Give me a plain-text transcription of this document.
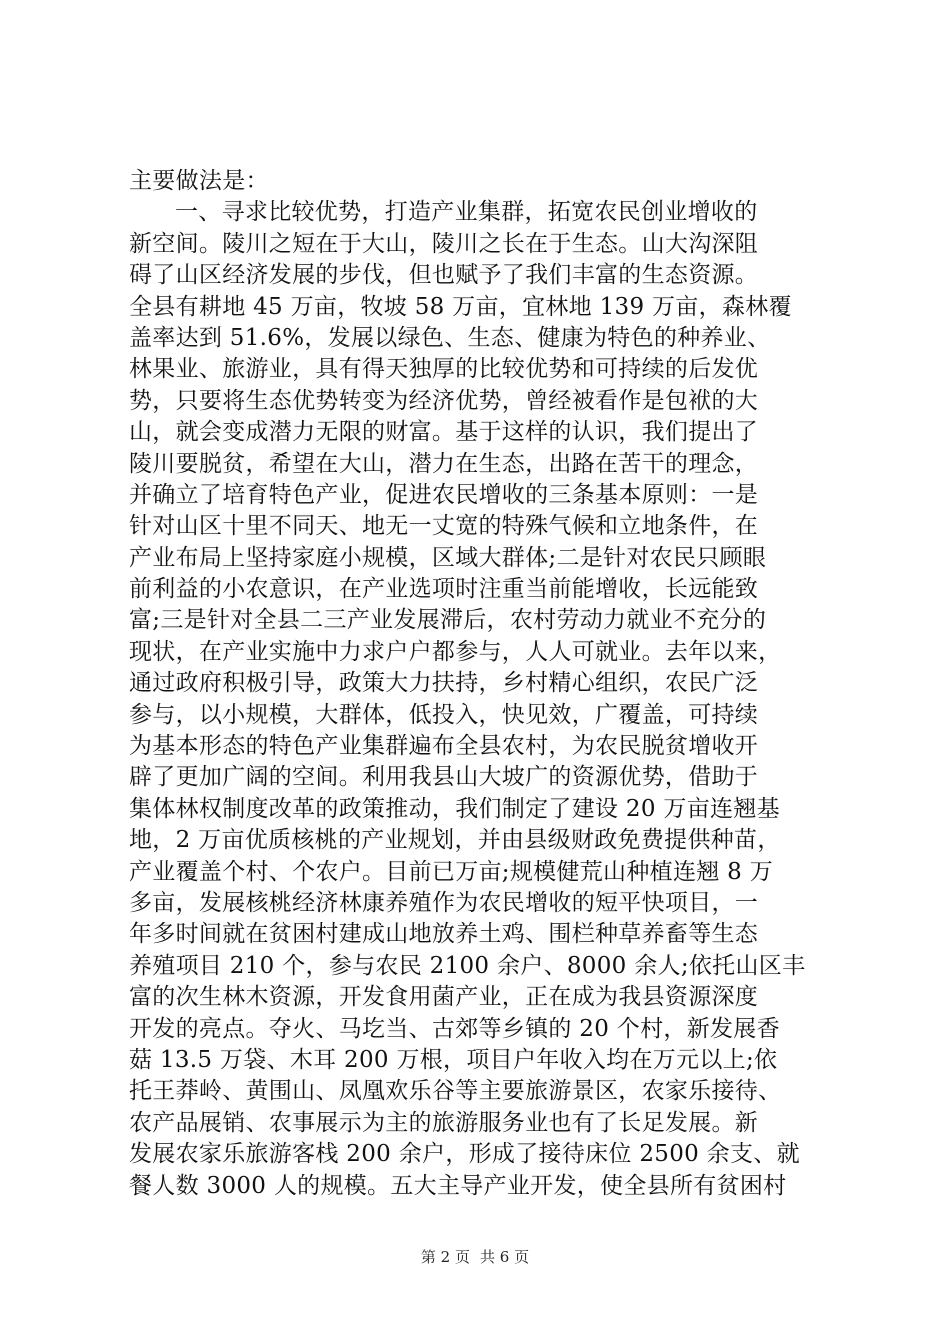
主要做法是：
一、寻求比较优势，打造产业集群，拓宽农民创业增收的
新空间。陵川之短在于大山，陵川之长在于生态。山大沟深阻
碍了山区经济发展的步伐，但也赋予了我们丰富的生态资源。
全县有耕地 45 万亩，牧坡 58 万亩，宜林地 139 万亩，森林覆
盖率达到 51.6%，发展以绿色、生态、健康为特色的种养业、
林果业、旅游业，具有得天独厚的比较优势和可持续的后发优
势，只要将生态优势转变为经济优势，曾经被看作是包袱的大
山，就会变成潜力无限的财富。基于这样的认识，我们提出了
陵川要脱贫，希望在大山，潜力在生态，出路在苦干的理念，
并确立了培育特色产业，促进农民增收的三条基本原则：一是
针对山区十里不同天、地无一丈宽的特殊气候和立地条件，在
产业布局上坚持家庭小规模，区域大群体;二是针对农民只顾眼
前利益的小农意识，在产业选项时注重当前能增收，长远能致
富;三是针对全县二三产业发展滞后，农村劳动力就业不充分的
现状，在产业实施中力求户户都参与，人人可就业。去年以来，
通过政府积极引导，政策大力扶持，乡村精心组织，农民广泛
参与，以小规模，大群体，低投入，快见效，广覆盖，可持续
为基本形态的特色产业集群遍布全县农村，为农民脱贫增收开
辟了更加广阔的空间。利用我县山大坡广的资源优势，借助于
集体林权制度改革的政策推动，我们制定了建设 20 万亩连翘基
地，2 万亩优质核桃的产业规划，并由县级财政免费提供种苗，
产业覆盖个村、个农户。目前已万亩;规模健荒山种植连翘 8 万
多亩，发展核桃经济林康养殖作为农民增收的短平快项目，一
年多时间就在贫困村建成山地放养土鸡、围栏种草养畜等生态
养殖项目 210 个，参与农民 2100 余户、8000 余人;依托山区丰
富的次生林木资源，开发食用菌产业，正在成为我县资源深度
开发的亮点。夺火、马圪当、古郊等乡镇的 20 个村，新发展香
菇 13.5 万袋、木耳 200 万根，项目户年收入均在万元以上;依
托王莽岭、黄围山、凤凰欢乐谷等主要旅游景区，农家乐接待、
农产品展销、农事展示为主的旅游服务业也有了长足发展。新
发展农家乐旅游客栈 200 余户，形成了接待床位 2500 余支、就
餐人数 3000 人的规模。五大主导产业开发，使全县所有贫困村
第 2 页 共 6 页
